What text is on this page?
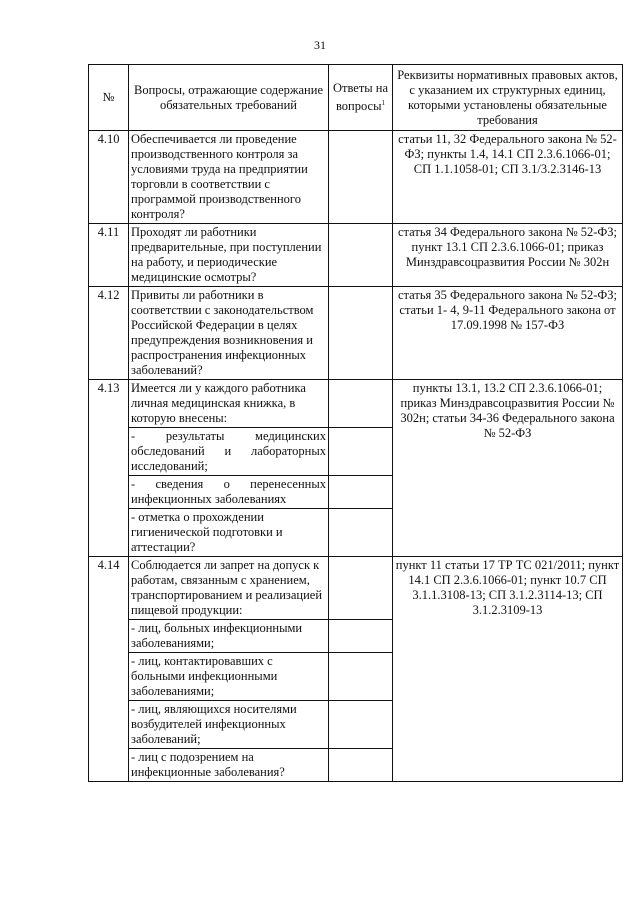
31
№	Вопросы, отражающие содержание обязательных требований	Ответы на вопросы$^1$	Реквизиты нормативных правовых актов, с указанием их структурных единиц, которыми установлены обязательные требования
4.10	Обеспечивается ли проведение производственного контроля за условиями труда на предприятии торговли в соответствии с программой производственного контроля?		статьи 11, 32 Федерального закона № 52-ФЗ; пункты 1.4, 14.1 СП 2.3.6.1066-01; СП 1.1.1058-01; СП 3.1/3.2.3146-13
4.11	Проходят ли работники предварительные, при поступлении на работу, и периодические медицинские осмотры?		статья 34 Федерального закона № 52-ФЗ; пункт 13.1 СП 2.3.6.1066-01; приказ Минздравсоцразвития России № 302н
4.12	Привиты ли работники в соответствии с законодательством Российской Федерации в целях предупреждения возникновения и распространения инфекционных заболеваний?		статья 35 Федерального закона № 52-ФЗ; статьи 1- 4, 9-11 Федерального закона от 17.09.1998 № 157-ФЗ
4.13	Имеется ли у каждого работника личная медицинская книжка, в которую внесены:		пункты 13.1, 13.2 СП 2.3.6.1066-01; приказ Минздравсоцразвития России № 302н; статьи 34-36 Федерального закона № 52-ФЗ
	- результаты медицинских обследований и лабораторных исследований;		
	- сведения о перенесенных инфекционных заболеваниях		
	- отметка о прохождении гигиенической подготовки и аттестации?		
4.14	Соблюдается ли запрет на допуск к работам, связанным с хранением, транспортированием и реализацией пищевой продукции:		пункт 11 статьи 17 ТР ТС 021/2011; пункт 14.1 СП 2.3.6.1066-01; пункт 10.7 СП 3.1.1.3108-13; СП 3.1.2.3114-13; СП 3.1.2.3109-13
	- лиц, больных инфекционными заболеваниями;		
	- лиц, контактировавших с больными инфекционными заболеваниями;		
	- лиц, являющихся носителями возбудителей инфекционных заболеваний;		
	- лиц с подозрением на инфекционные заболевания?		
